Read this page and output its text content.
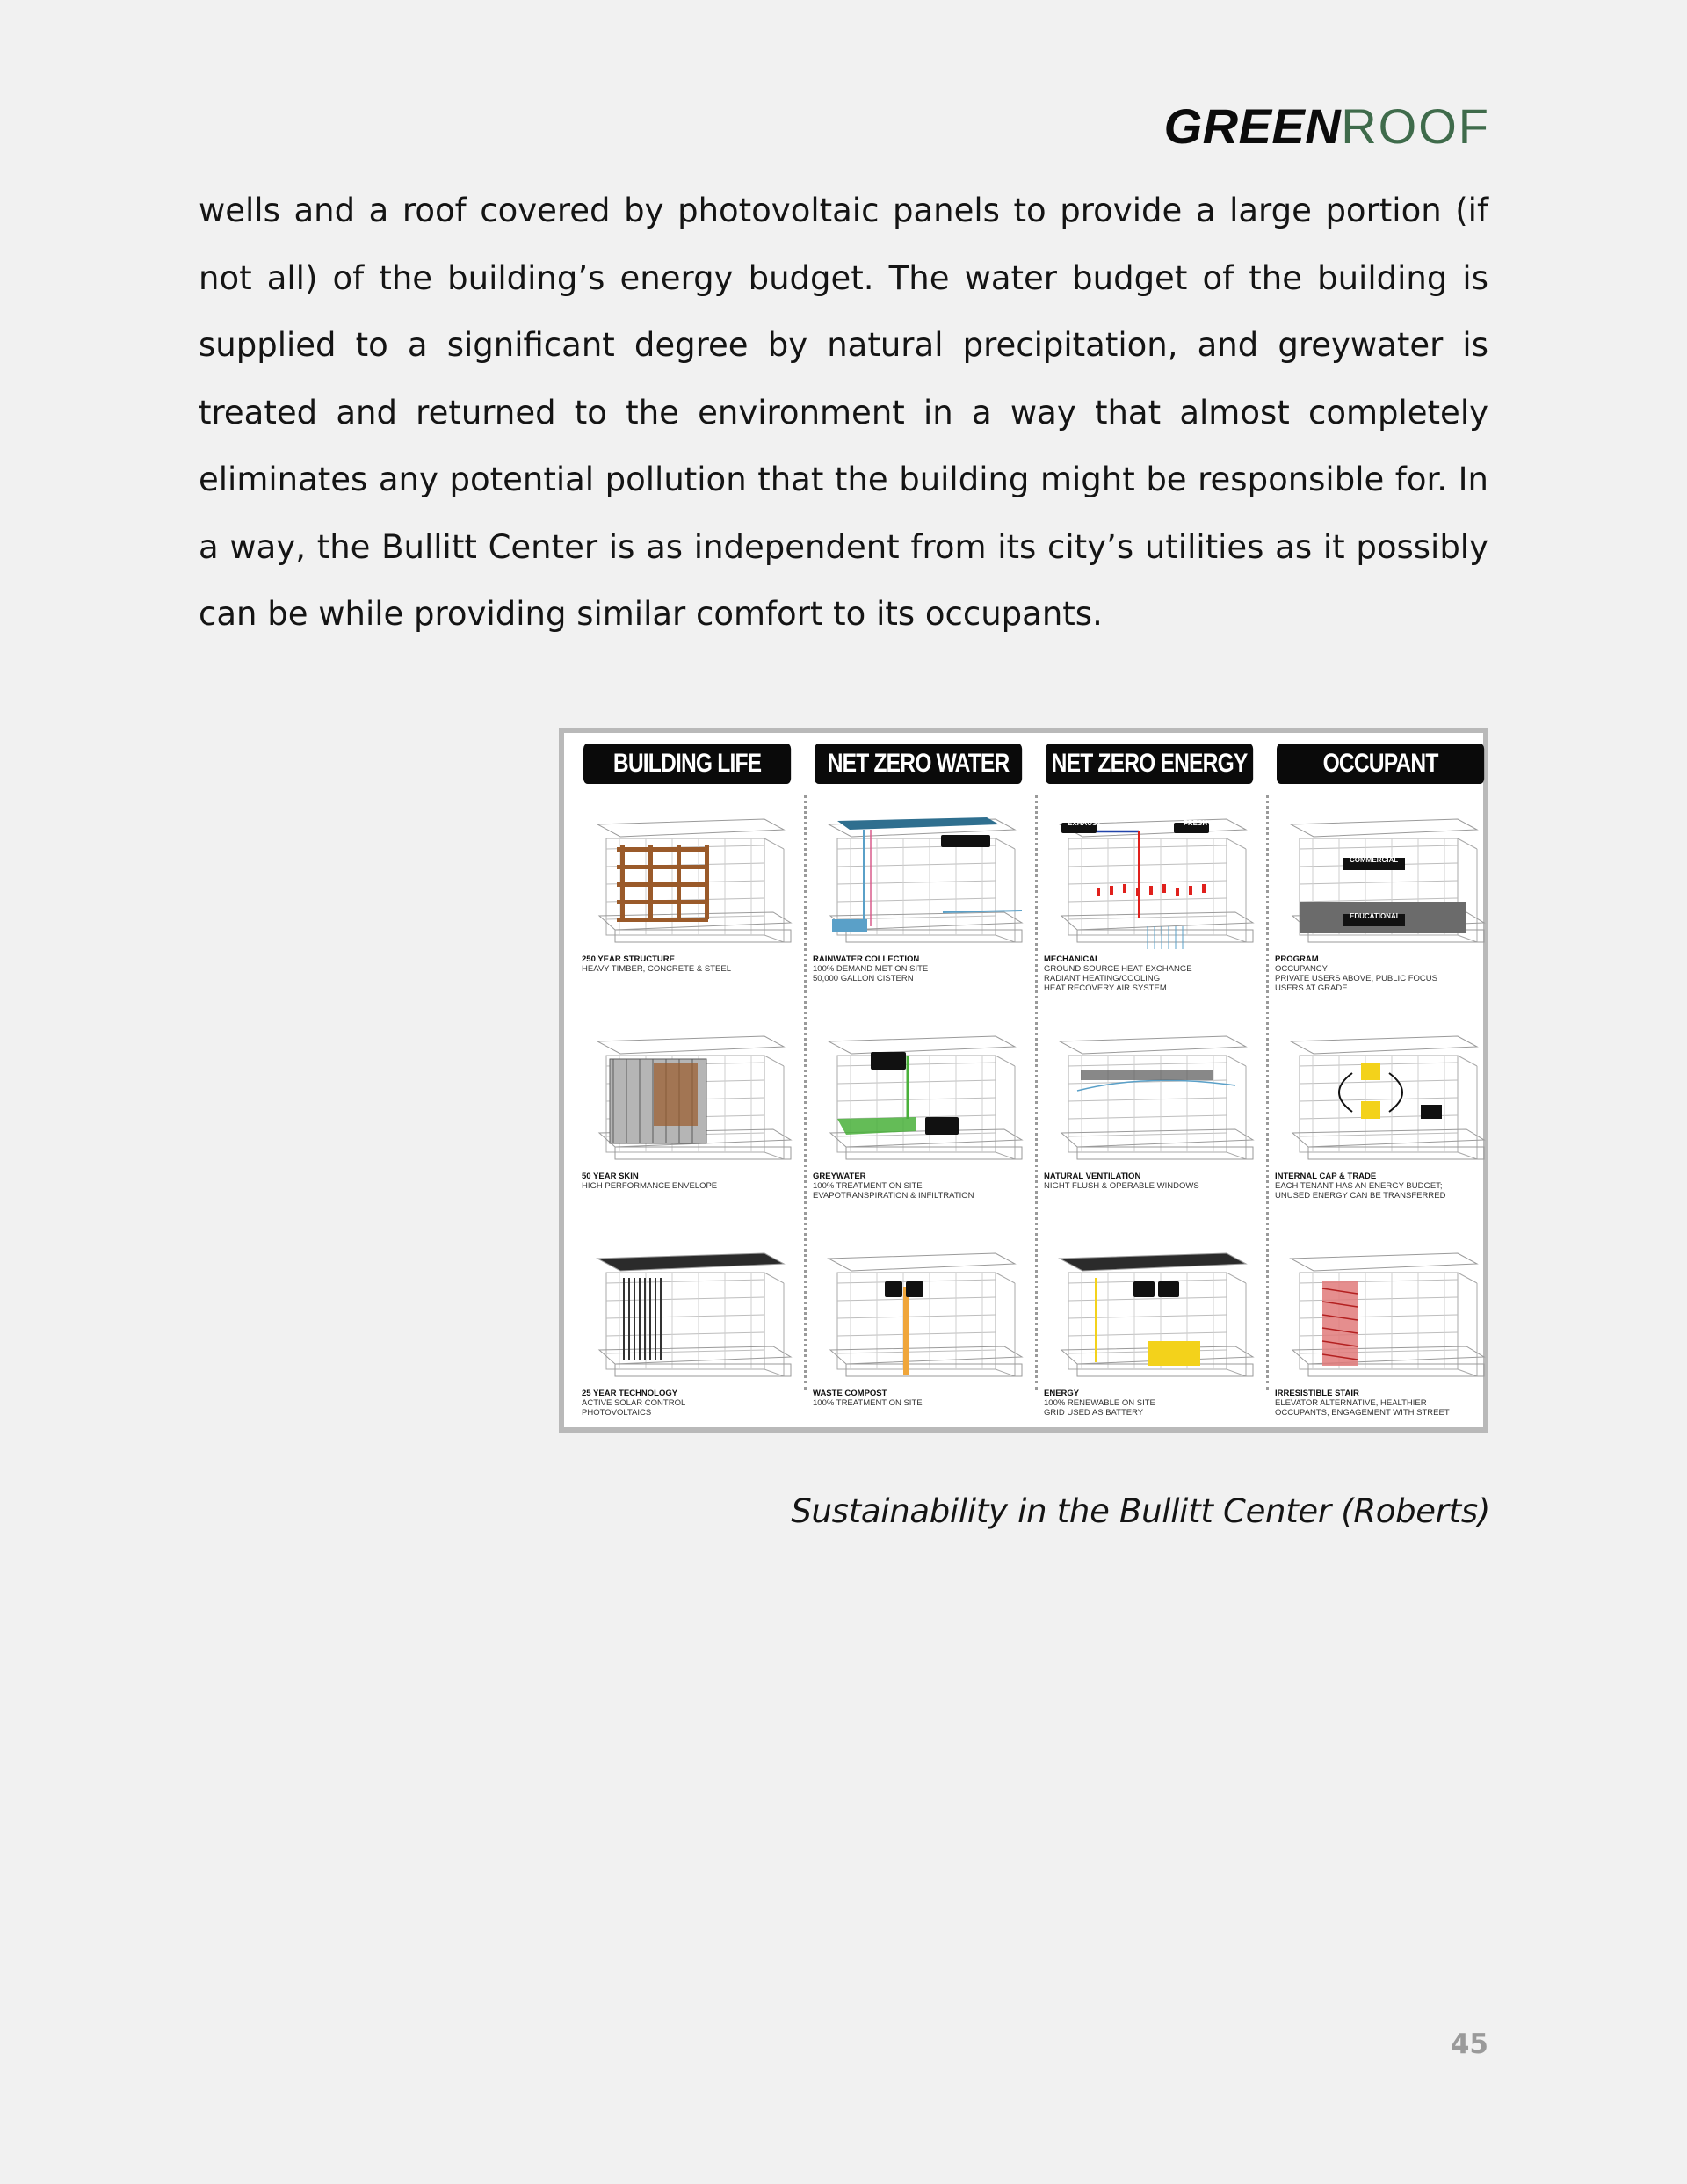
GREENROOF
wells and a roof covered by photovoltaic panels to provide a large portion (if not all) of the building’s energy budget. The water budget of the building is supplied to a significant degree by natural precipitation, and greywater is treated and returned to the environment in a way that almost completely eliminates any potential pollution that the building might be responsible for. In a way, the Bullitt Center is as independent from its city’s utilities as it possibly can be while providing similar comfort to its occupants.
BUILDING LIFE CYCLE
250 YEAR STRUCTURE
HEAVY TIMBER, CONCRETE & STEEL
50 YEAR SKIN
HIGH PERFORMANCE ENVELOPE
25 YEAR TECHNOLOGY
ACTIVE SOLAR CONTROL
PHOTOVOLTAICS
NET ZERO WATER
RAINWATER COLLECTION
100% DEMAND MET ON SITE
50,000 GALLON CISTERN
GREYWATER
100% TREATMENT ON SITE
EVAPOTRANSPIRATION & INFILTRATION
WASTE COMPOST
100% TREATMENT ON SITE
NET ZERO ENERGY
MECHANICAL
GROUND SOURCE HEAT EXCHANGE
RADIANT HEATING/COOLING
HEAT RECOVERY AIR SYSTEM
EXHAUST	FRESH
NATURAL VENTILATION
NIGHT FLUSH & OPERABLE WINDOWS
ENERGY
100% RENEWABLE ON SITE
GRID USED AS BATTERY
OCCUPANT
PROGRAM
OCCUPANCY
PRIVATE USERS ABOVE, PUBLIC FOCUS
USERS AT GRADE
COMMERCIAL
EDUCATIONAL
INTERNAL CAP & TRADE
EACH TENANT HAS AN ENERGY BUDGET;
UNUSED ENERGY CAN BE TRANSFERRED
IRRESISTIBLE STAIR
ELEVATOR ALTERNATIVE, HEALTHIER
OCCUPANTS, ENGAGEMENT WITH STREET
Sustainability in the Bullitt Center (Roberts)
45
